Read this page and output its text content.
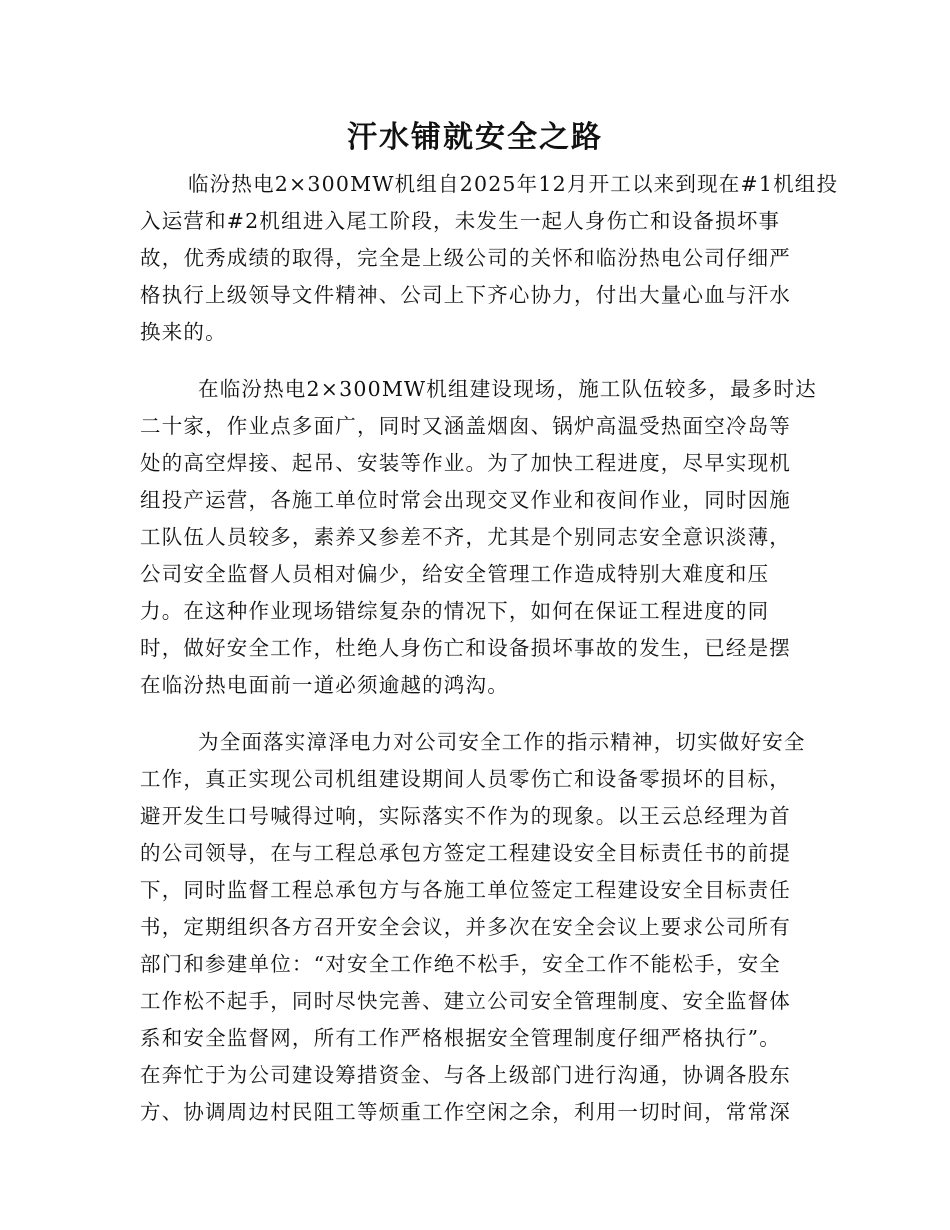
汗水铺就安全之路
临汾热电2×300MW机组自2025年12月开工以来到现在#1机组投
入运营和#2机组进入尾工阶段，未发生一起人身伤亡和设备损坏事
故，优秀成绩的取得，完全是上级公司的关怀和临汾热电公司仔细严
格执行上级领导文件精神、公司上下齐心协力，付出大量心血与汗水
换来的。
在临汾热电2×300MW机组建设现场，施工队伍较多，最多时达
二十家，作业点多面广，同时又涵盖烟囱、锅炉高温受热面空冷岛等
处的高空焊接、起吊、安装等作业。为了加快工程进度，尽早实现机
组投产运营，各施工单位时常会出现交叉作业和夜间作业，同时因施
工队伍人员较多，素养又参差不齐，尤其是个别同志安全意识淡薄，
公司安全监督人员相对偏少，给安全管理工作造成特别大难度和压
力。在这种作业现场错综复杂的情况下，如何在保证工程进度的同
时，做好安全工作，杜绝人身伤亡和设备损坏事故的发生，已经是摆
在临汾热电面前一道必须逾越的鸿沟。
为全面落实漳泽电力对公司安全工作的指示精神，切实做好安全
工作，真正实现公司机组建设期间人员零伤亡和设备零损坏的目标，
避开发生口号喊得过响，实际落实不作为的现象。以王云总经理为首
的公司领导，在与工程总承包方签定工程建设安全目标责任书的前提
下，同时监督工程总承包方与各施工单位签定工程建设安全目标责任
书，定期组织各方召开安全会议，并多次在安全会议上要求公司所有
部门和参建单位：“对安全工作绝不松手，安全工作不能松手，安全
工作松不起手，同时尽快完善、建立公司安全管理制度、安全监督体
系和安全监督网，所有工作严格根据安全管理制度仔细严格执行”。
在奔忙于为公司建设筹措资金、与各上级部门进行沟通，协调各股东
方、协调周边村民阻工等烦重工作空闲之余，利用一切时间，常常深
